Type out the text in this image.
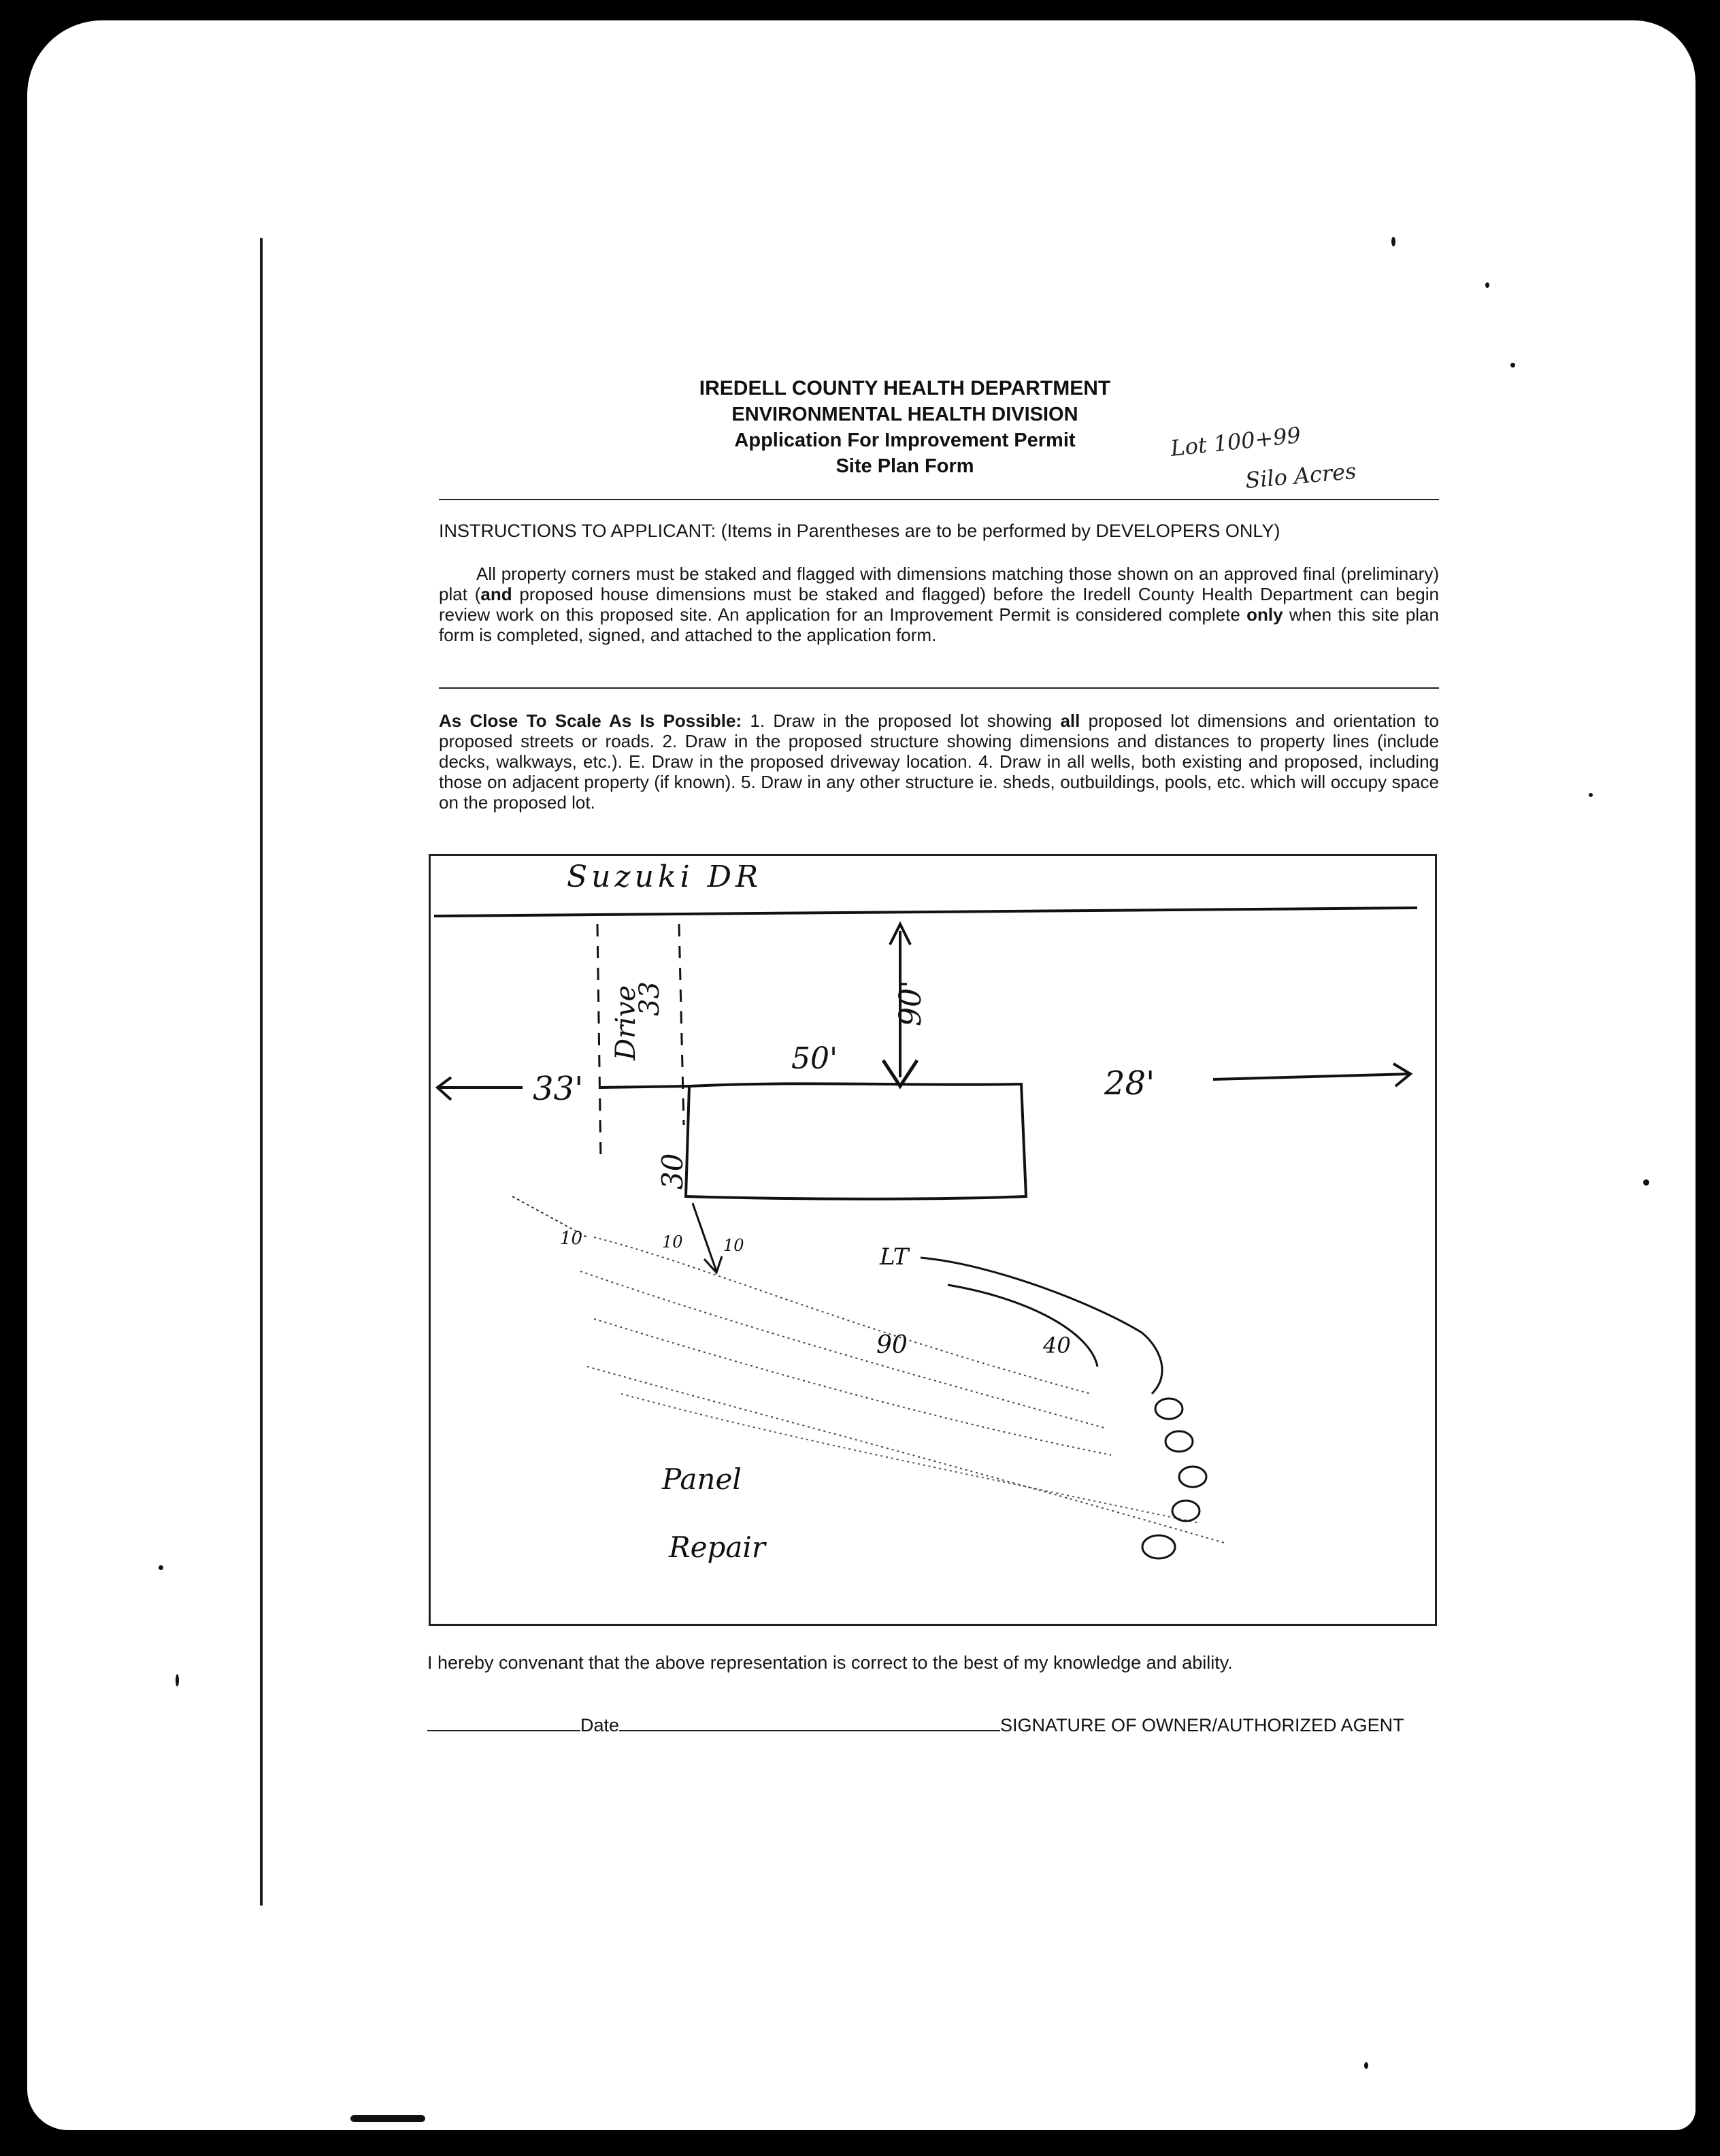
IREDELL COUNTY HEALTH DEPARTMENT
ENVIRONMENTAL HEALTH DIVISION
Application For Improvement Permit
Site Plan Form
Lot 100+99
Silo Acres
INSTRUCTIONS TO APPLICANT: (Items in Parentheses are to be performed by DEVELOPERS ONLY)
All property corners must be staked and flagged with dimensions matching those shown on an approved final (preliminary) plat (and proposed house dimensions must be staked and flagged) before the Iredell County Health Department can begin review work on this proposed site. An application for an Improvement Permit is considered complete only when this site plan form is completed, signed, and attached to the application form.
As Close To Scale As Is Possible: 1. Draw in the proposed lot showing all proposed lot dimensions and orientation to proposed streets or roads. 2. Draw in the proposed structure showing dimensions and distances to property lines (include decks, walkways, etc.). E. Draw in the proposed driveway location. 4. Draw in all wells, both existing and proposed, including those on adjacent property (if known). 5. Draw in any other structure ie. sheds, outbuildings, pools, etc. which will occupy space on the proposed lot.
Suzuki DR
Drive
33
33'
50'
28'
90'
30
10	10 10	LT
90	40
Panel
Repair
I hereby convenant that the above representation is correct to the best of my knowledge and ability.
Date	SIGNATURE OF OWNER/AUTHORIZED AGENT
